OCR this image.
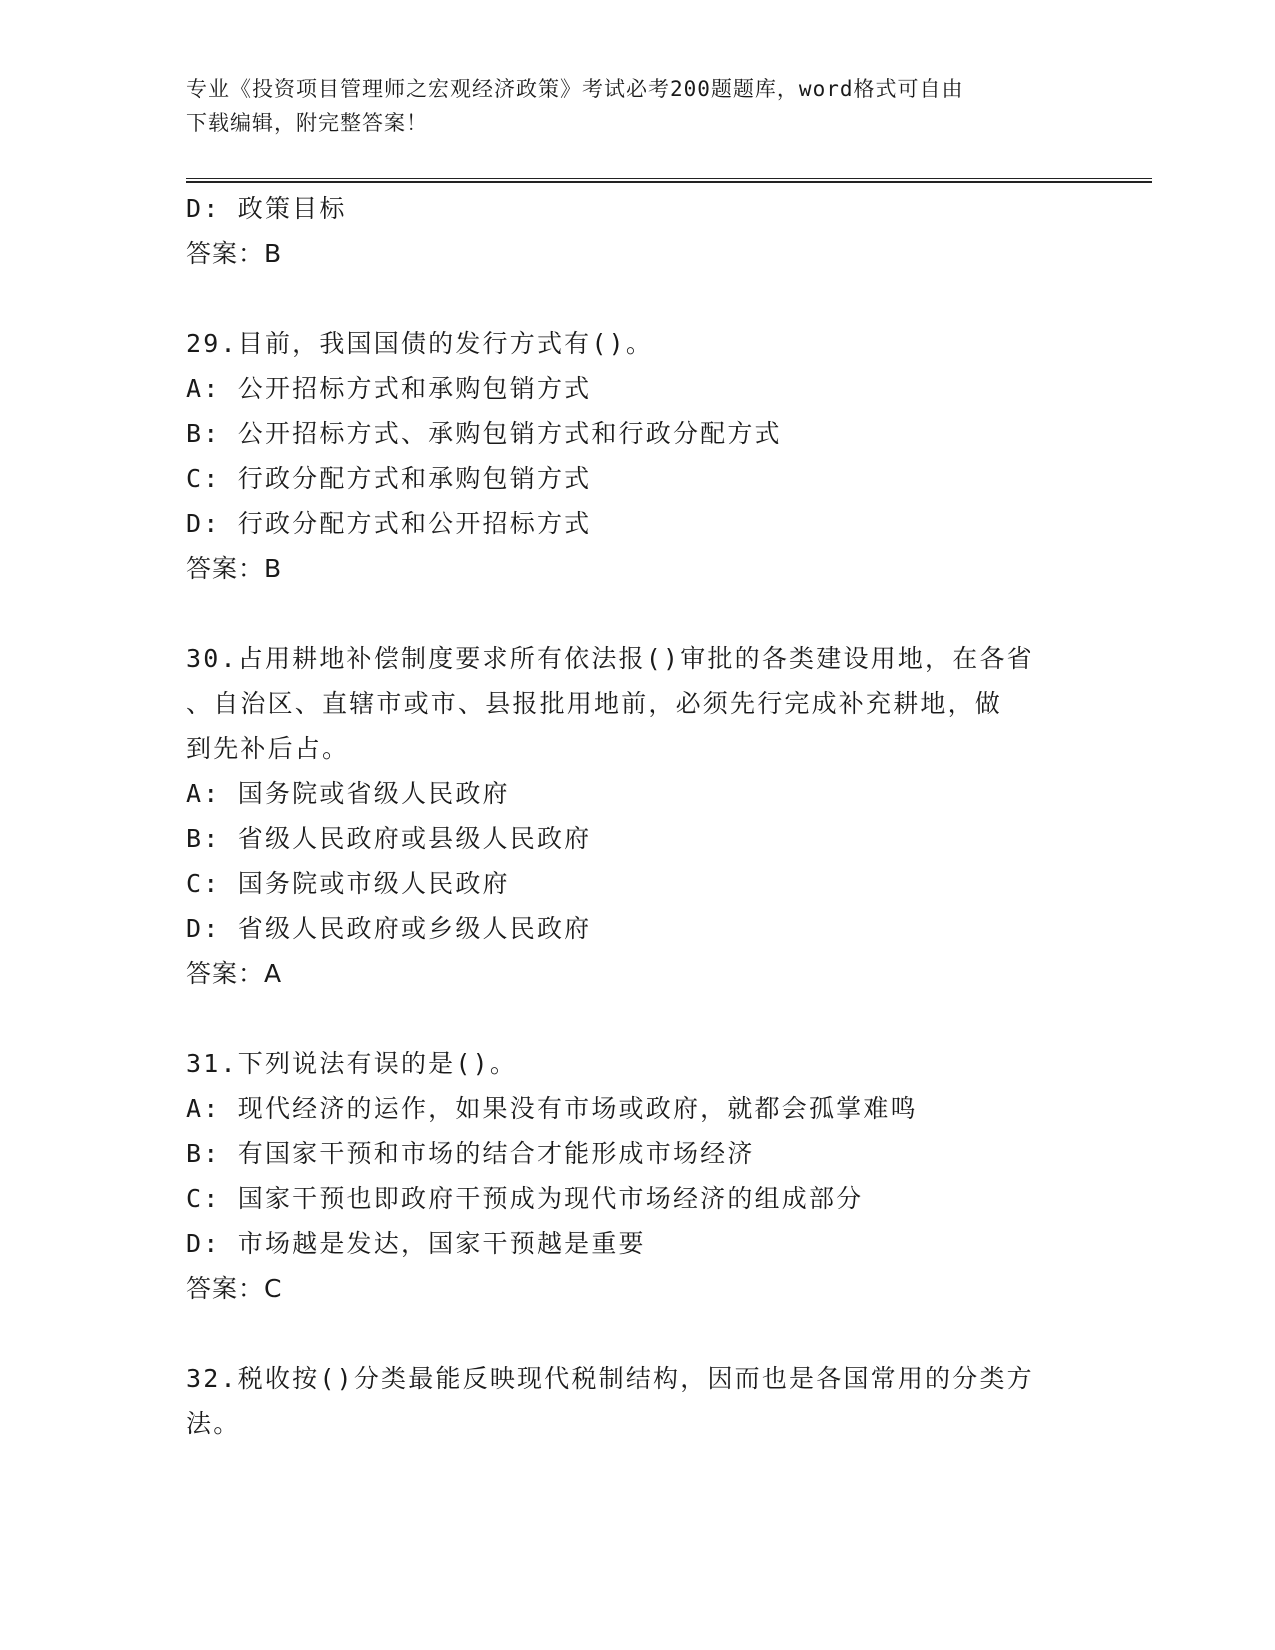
专业《投资项目管理师之宏观经济政策》考试必考200题题库，word格式可自由
下载编辑，附完整答案！
D: 政策目标
答案：B
29.目前，我国国债的发行方式有()。
A: 公开招标方式和承购包销方式
B: 公开招标方式、承购包销方式和行政分配方式
C: 行政分配方式和承购包销方式
D: 行政分配方式和公开招标方式
答案：B
30.占用耕地补偿制度要求所有依法报()审批的各类建设用地，在各省
、自治区、直辖市或市、县报批用地前，必须先行完成补充耕地，做
到先补后占。
A: 国务院或省级人民政府
B: 省级人民政府或县级人民政府
C: 国务院或市级人民政府
D: 省级人民政府或乡级人民政府
答案：A
31.下列说法有误的是()。
A: 现代经济的运作，如果没有市场或政府，就都会孤掌难鸣
B: 有国家干预和市场的结合才能形成市场经济
C: 国家干预也即政府干预成为现代市场经济的组成部分
D: 市场越是发达，国家干预越是重要
答案：C
32.税收按()分类最能反映现代税制结构，因而也是各国常用的分类方
法。
